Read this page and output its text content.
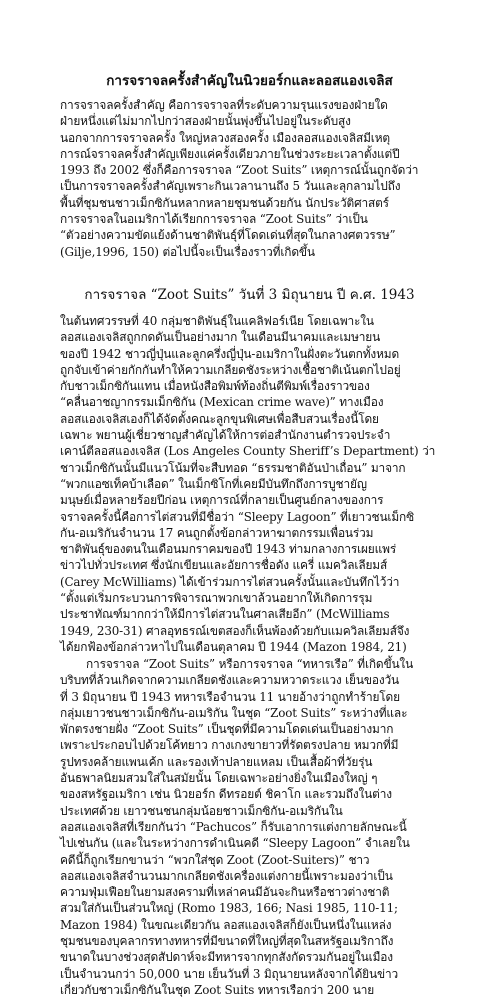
การจราจลครั้งสำคัญในนิวยอร์กและลอสแองเจลิส
การจราจลครั้งสำคัญ คือการจราจลที่ระดับความรุนแรงของฝ่ายใด
ฝ่ายหนึ่งแต่ไม่มากไปกว่าสองฝ่ายนั้นพุ่งขึ้นไปอยู่ในระดับสูง
นอกจากการจราจลครั้ง ใหญ่หลวงสองครั้ง เมืองลอสแองเจลิสมีเหตุ
การณ์จราจลครั้งสำคัญเพียงแค่ครั้งเดียวภายในช่วงระยะเวลาตั้งแต่ปี
1993 ถึง 2002 ซึ่งก็คือการจราจล “Zoot Suits” เหตุการณ์นั้นถูกจัดว่า
เป็นการจราจลครั้งสำคัญเพราะกินเวลานานถึง 5 วันและลุกลามไปถึง
พื้นที่ชุมชนชาวเม็กซิกันหลากหลายชุมชนด้วยกัน นักประวัติศาสตร์
การจราจลในอเมริกาได้เรียกการจราจล “Zoot Suits” ว่าเป็น
“ตัวอย่างความขัดแย้งด้านชาติพันธุ์ที่โดดเด่นที่สุดในกลางศตวรรษ”
(Gilje,1996, 150) ต่อไปนี้จะเป็นเรื่องราวที่เกิดขึ้น
การจราจล “Zoot Suits” วันที่ 3 มิถุนายน ปี ค.ศ. 1943
ในต้นทศวรรษที่ 40 กลุ่มชาติพันธุ์ในแคลิฟอร์เนีย โดยเฉพาะใน
ลอสแองเจลิสถูกกดดันเป็นอย่างมาก ในเดือนมีนาคมและเมษายน
ของปี 1942 ชาวญี่ปุ่นและลูกครึ่งญี่ปุ่น-อเมริกาในฝั่งตะวันตกทั้งหมด
ถูกจับเข้าค่ายกักกันทำให้ความเกลียดชังระหว่างเชื้อชาติเน้นตกไปอยู่
กับชาวเม็กซิกันแทน เมื่อหนังสือพิมพ์ท้องถิ่นตีพิมพ์เรื่องราวของ
“คลื่นอาชญากรรมเม็กซิกัน (Mexican crime wave)” ทางเมือง
ลอสแองเจลิสเองก็ได้จัดตั้งคณะลูกขุนพิเศษเพื่อสืบสวนเรื่องนี้โดย
เฉพาะ พยานผู้เชี่ยวชาญสำคัญได้ให้การต่อสำนักงานตำรวจประจำ
เคาน์ตีลอสแองเจลิส (Los Angeles County Sheriff’s Department) ว่า
ชาวเม็กซิกันนั้นมีแนวโน้มที่จะสืบทอด “ธรรมชาติอันป่าเถื่อน” มาจาก
“พวกแอซเท็คบ้าเลือด” ในเม็กซิโกที่เคยมีบันทึกถึงการบูชายัญ
มนุษย์เมื่อหลายร้อยปีก่อน เหตุการณ์ที่กลายเป็นศูนย์กลางของการ
จราจลครั้งนี้คือการไต่สวนที่มีชื่อว่า “Sleepy Lagoon” ที่เยาวชนเม็กซิ
กัน-อเมริกันจำนวน 17 คนถูกตั้งข้อกล่าวหาฆาตกรรมเพื่อนร่วม
ชาติพันธุ์ของตนในเดือนมกราคมของปี 1943 ท่ามกลางการเผยแพร่
ข่าวไปทั่วประเทศ ซึ่งนักเขียนและอัยการชื่อดัง แครี่ แมควิลเลียมส์
(Carey McWilliams) ได้เข้าร่วมการไต่สวนครั้งนั้นและบันทึกไว้ว่า
“ตั้งแต่เริ่มกระบวนการพิจารณาพวกเขาล้วนอยากให้เกิดการรุม
ประชาทัณฑ์มากกว่าให้มีการไต่สวนในศาลเสียอีก” (McWilliams
1949, 230-31) ศาลอุทธรณ์เขตสองก็เห็นพ้องด้วยกับแมควิลเลียมส์จึง
ได้ยกฟ้องข้อกล่าวหาไปในเดือนตุลาคม ปี 1944 (Mazon 1984, 21)
การจราจล “Zoot Suits” หรือการจราจล “ทหารเรือ” ที่เกิดขึ้นใน
บริบทที่ล้วนเกิดจากความเกลียดชังและความหวาดระแวง เย็นของวัน
ที่ 3 มิถุนายน ปี 1943 ทหารเรือจำนวน 11 นายอ้างว่าถูกทำร้ายโดย
กลุ่มเยาวชนชาวเม็กซิกัน-อเมริกัน ในชุด “Zoot Suits” ระหว่างที่และ
พักตรงชายฝั่ง “Zoot Suits” เป็นชุดที่มีความโดดเด่นเป็นอย่างมาก
เพราะประกอบไปด้วยโค้ทยาว กางเกงขายาวที่รัดตรงปลาย หมวกที่มี
รูปทรงคล้ายแพนเค้ก และรองเท้าปลายแหลม เป็นเสื้อผ้าที่วัยรุ่น
อันธพาลนิยมสวมใส่ในสมัยนั้น โดยเฉพาะอย่างยิ่งในเมืองใหญ่ ๆ
ของสหรัฐอเมริกา เช่น นิวยอร์ก ดีทรอยต์ ชิคาโก และรวมถึงในต่าง
ประเทศด้วย เยาวชนชนกลุ่มน้อยชาวเม็กซิกัน-อเมริกันใน
ลอสแองเจลิสที่เรียกกันว่า “Pachucos” ก็รับเอาการแต่งกายลักษณะนี้
ไปเช่นกัน (และในระหว่างการดำเนินคดี “Sleepy Lagoon” จำเลยใน
คดีนี้ก็ถูกเรียกขานว่า “พวกใส่ชุด Zoot (Zoot-Suiters)” ชาว
ลอสแองเจลิสจำนวนมากเกลียดชังเครื่องแต่งกายนี้เพราะมองว่าเป็น
ความฟุ่มเฟือยในยามสงครามที่เหล่าคนมีอันจะกินหรือชาวต่างชาติ
สวมใส่กันเป็นส่วนใหญ่ (Romo 1983, 166; Nasi 1985, 110-11;
Mazon 1984) ในขณะเดียวกัน ลอสแองเจลิสก็ยังเป็นหนึ่งในแหล่ง
ชุมชนของบุคลากรทางทหารที่มีขนาดที่ใหญ่ที่สุดในสหรัฐอเมริกาถึง
ขนาดในบางช่วงสุดสัปดาห์จะมีทหารจากทุกสังกัดรวมกันอยู่ในเมือง
เป็นจำนวนกว่า 50,000 นาย เย็นวันที่ 3 มิถุนายนหลังจากได้ยินข่าว
เกี่ยวกับชาวเม็กซิกันในชุด Zoot Suits ทหารเรือกว่า 200 นาย
